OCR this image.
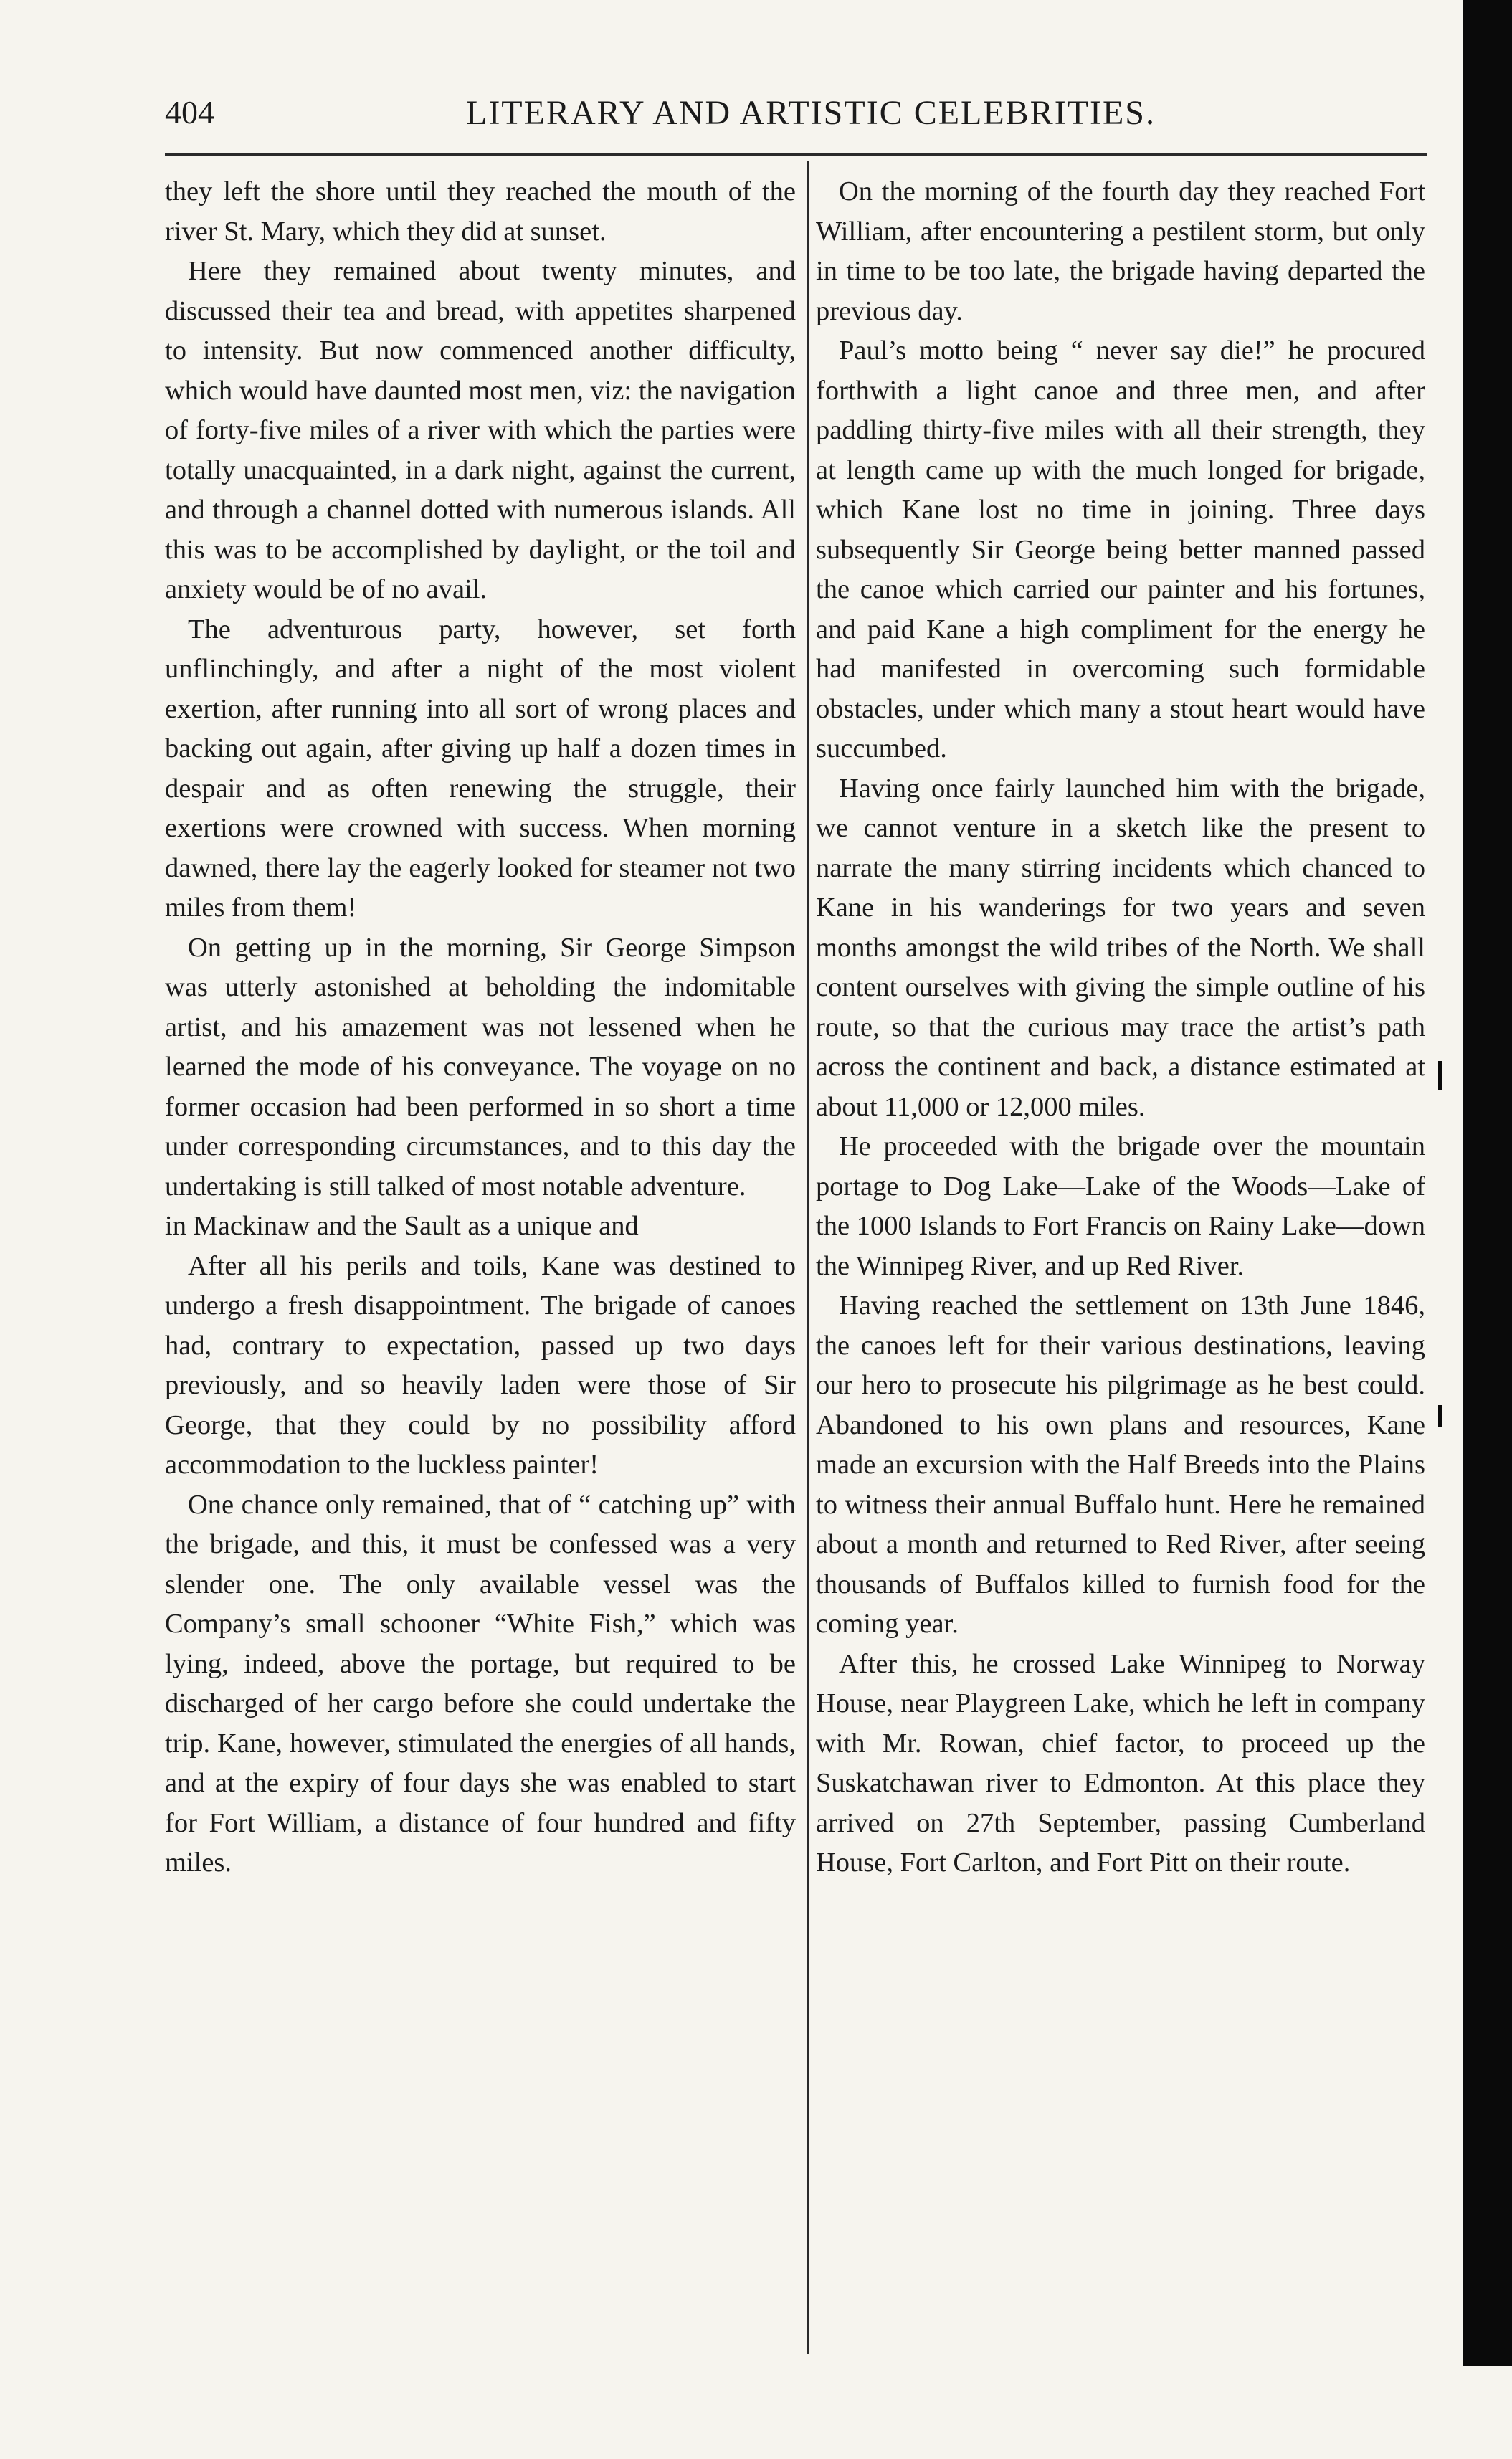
404	LITERARY AND ARTISTIC CELEBRITIES.

they left the shore until they reached the mouth of the river St. Mary, which they did at sunset.

Here they remained about twenty minutes, and discussed their tea and bread, with appetites sharpened to intensity. But now commenced another difficulty, which would have daunted most men, viz: the navigation of forty-five miles of a river with which the parties were totally unacquainted, in a dark night, against the current, and through a channel dotted with numerous islands. All this was to be accomplished by daylight, or the toil and anxiety would be of no avail.

The adventurous party, however, set forth unflinchingly, and after a night of the most violent exertion, after running into all sort of wrong places and backing out again, after giving up half a dozen times in despair and as often renewing the struggle, their exertions were crowned with success. When morning dawned, there lay the eagerly looked for steamer not two miles from them!

On getting up in the morning, Sir George Simpson was utterly astonished at beholding the indomitable artist, and his amazement was not lessened when he learned the mode of his conveyance. The voyage on no former occasion had been performed in so short a time under corresponding circumstances, and to this day the undertaking is still talked of most notable adventure.

in Mackinaw and the Sault as a unique and

After all his perils and toils, Kane was destined to undergo a fresh disappointment. The brigade of canoes had, contrary to expectation, passed up two days previously, and so heavily laden were those of Sir George, that they could by no possibility afford accommodation to the luckless painter!

One chance only remained, that of “ catching up” with the brigade, and this, it must be confessed was a very slender one. The only available vessel was the Company’s small schooner “White Fish,” which was lying, indeed, above the portage, but required to be discharged of her cargo before she could undertake the trip. Kane, however, stimulated the energies of all hands, and at the expiry of four days she was enabled to start for Fort William, a distance of four hundred and fifty miles.

On the morning of the fourth day they reached Fort William, after encountering a pestilent storm, but only in time to be too late, the brigade having departed the previous day.

Paul’s motto being “ never say die!” he procured forthwith a light canoe and three men, and after paddling thirty-five miles with all their strength, they at length came up with the much longed for brigade, which Kane lost no time in joining. Three days subsequently Sir George being better manned passed the canoe which carried our painter and his fortunes, and paid Kane a high compliment for the energy he had manifested in overcoming such formidable obstacles, under which many a stout heart would have succumbed.

Having once fairly launched him with the brigade, we cannot venture in a sketch like the present to narrate the many stirring incidents which chanced to Kane in his wanderings for two years and seven months amongst the wild tribes of the North. We shall content ourselves with giving the simple outline of his route, so that the curious may trace the artist’s path across the continent and back, a distance estimated at about 11,000 or 12,000 miles.

He proceeded with the brigade over the mountain portage to Dog Lake—Lake of the Woods—Lake of the 1000 Islands to Fort Francis on Rainy Lake—down the Winnipeg River, and up Red River.

Having reached the settlement on 13th June 1846, the canoes left for their various destinations, leaving our hero to prosecute his pilgrimage as he best could. Abandoned to his own plans and resources, Kane made an excursion with the Half Breeds into the Plains to witness their annual Buffalo hunt. Here he remained about a month and returned to Red River, after seeing thousands of Buffalos killed to furnish food for the coming year.

After this, he crossed Lake Winnipeg to Norway House, near Playgreen Lake, which he left in company with Mr. Rowan, chief factor, to proceed up the Suskatchawan river to Edmonton. At this place they arrived on 27th September, passing Cumberland House, Fort Carlton, and Fort Pitt on their route.
